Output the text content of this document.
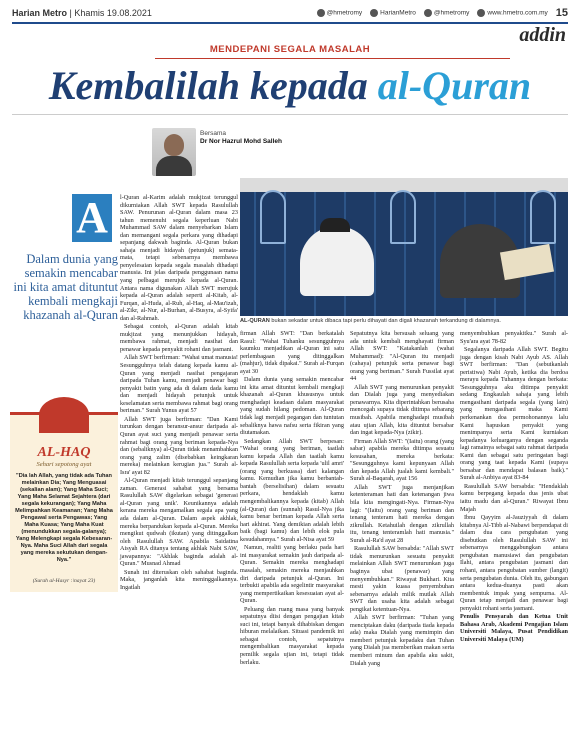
Harian Metro | Khamis 19.08.2021	@hmetromy	HarianMetro	@hmetromy	www.hmetro.com.my 15
addin
MENDEPANI SEGALA MASALAH
Kembalilah kepada al-Quran
Bersama
Dr Nor Hazrul Mohd Salleh
A
Dalam dunia yang semakin mencabar ini kita amat dituntut kembali mengkaji khazanah al-Quran
AL-HAQ
Sehari sepotong ayat
"Dia lah Allah, yang tidak ada Tuhan melainkan Dia; Yang Menguasai (sekalian alam); Yang Maha Suci; Yang Maha Selamat Sejahtera (dari segala kekurangan); Yang Maha Melimpahkan Keamanan; Yang Maha Pengawal serta Pengawas; Yang Maha Kuasa; Yang Maha Kuat (menundukkan segala-galanya); Yang Melengkapi segala Kebesaran-Nya. Maha Suci Allah dari segala yang mereka sekutukan dengan-Nya."
(Surah al-Hasyr :\nayat 23)

l-Quran al-Karim adalah mukjizat terunggul dikurniakan Allah SWT kepada Rasulullah SAW. Penurunan al-Quran dalam masa 23 tahun memenuhi segala keperluan Nabi Muhammad SAW dalam menyebarkan Islam dan memangani segala perkara yang dihadapi sepanjang dakwah baginda. Al-Quran bukan sahaja menjadi hidayah (petunjuk) semata-mata, tetapi sebenarnya membawa penyelesaian kepada segala masalah dihadapi manusia. Ini jelas daripada penggunaan nama yang pelbagai merujuk kepada al-Quran. Antara nama digunakan Allah SWT merujuk kepada al-Quran adalah seperti al-Kitab, al-Furqan, al-Huda, al-Ruh, al-Haq, al-Mau'izah, al-Zikr, al-Nur, al-Burhan, al-Busyra, al-Syifa' dan al-Rahmah.

Sebagai contoh, al-Quran adalah kitab mukjizat yang menunjukkan hidayah, membawa rahmat, menjadi nasihat dan penawar kepada penyakit rohani dan jasmani.

Allah SWT berfirman: "Wahai umat manusia! Sesungguhnya telah datang kepada kamu al-Quran yang menjadi nasihat pengajaran daripada Tuhan kamu, menjadi penawar bagi penyakit batin yang ada di dalam dada kamu dan menjadi hidayah petunjuk untuk keselamatan serta membawa rahmat bagi orang beriman." Surah Yunus ayat 57

Allah SWT juga berfirman: "Dan Kami turunkan dengan beransur-ansur daripada al-Quran ayat suci yang menjadi penawar serta rahmat bagi orang yang beriman kepada-Nya dan (sebaliknya) al-Quran tidak menambahkan orang yang zalim (disebabkan keingkaran mereka) melainkan kerugian jua." Surah al-Isra' ayat 82

Al-Quran menjadi kitab terunggul sepanjang zaman. Generasi sahabat yang bersama Rasulullah SAW digelarkan sebagai 'generasi al-Quran yang unik'. Keunikannya adalah kerana mereka mengamalkan segala apa yang ada dalam al-Quran. Dalam aspek akhlak, mereka berpandukan kepada al-Quran. Mereka mengikut qudwah (ikutan) yang ditinggalkan oleh Rasulullah SAW. Apabila Saidatina Aisyah RA ditanya tentang akhlak Nabi SAW, jawapannya: "Akhlak baginda adalah al-Quran." Musnad Ahmad

Sunah ini diteruskan oleh sahabat baginda. Maka, janganlah kita meninggalkannya. Ingatlah

AL-QURAN bukan sekadar untuk dibaca tapi perlu dihayati dan digali khazanah terkandung di dalamnya.

firman Allah SWT: "Dan berkatalah Rasul: "Wahai Tuhanku sesungguhnya kaumku menjadikan al-Quran ini satu perlembagaan yang ditinggalkan (mahjur), tidak dipakai." Surah al-Furqan ayat 30

Dalam dunia yang semakin mencabar ini kita amat dituntut kembali mengkaji khazanah al-Quran khususnya untuk menghadapi keadaan dalam masyarakat yang sudah hilang pedoman. Al-Quran tidak lagi menjadi pegangan dan tuntutan sebaliknya hawa nafsu serta fikiran yang diutamakan.

Sedangkan Allah SWT berpesan: "Wahai orang yang beriman, taatlah kamu kepada Allah dan taatlah kamu kepada Rasulullah serta kepada 'ulil amri' (orang yang berkuasa) dari kalangan kamu. Kemudian jika kamu berbantah-bantah (berselisihan) dalam sesuatu perkara, hendaklah kamu mengembalikannya kepada (kitab) Allah (al-Quran) dan (sunnah) Rasul-Nya jika kamu benar beriman kepada Allah serta hari akhirat. Yang demikian adalah lebih baik (bagi kamu) dan lebih elok pula kesudahannya." Surah al-Nisa ayat 59

Namun, realiti yang berlaku pada hari ini masyarakat semakin jauh daripada al-Quran. Semakin mereka menghadapi masalah, semakin mereka menjauhkan diri daripada petunjuk al-Quran. Ini terbukti apabila ada segelintir masyarakat yang mempertikaikan kesesuaian ayat al-Quran.

Peluang dan ruang masa yang banyak sepatutnya diisi dengan pengajian kitab suci ini, tetapi banyak dihabiskan dengan hiburan melalaikan. Situasi pandemik ini sebagai contoh, sepatutnya mengembalikan masyarakat kepada pemilik segala ujian ini, tetapi tidak berlaku.

Sepatutnya kita bersusah seluang yang ada untuk kembali menghayati firman Allah SWT: "Katakanlah (wahai Muhammad): "Al-Quran itu menjadi (cahaya) petunjuk serta penawar bagi orang yang beriman." Surah Fussilat ayat 44

Allah SWT yang menurunkan penyakit dan Dialah juga yang menyediakan penawarnya. Kita diperintahkan berusaha mencegah supaya tidak ditimpa sebarang musibah. Apabila menghadapi musibah atau ujian Allah, kita dituntut bersabar dan ingat kepada-Nya (zikir).

Firman Allah SWT: "(Iaitu) orang (yang sabar) apabila mereka ditimpa sesuatu kesusahan, mereka berkata: "Sesungguhnya kami kepunyaan Allah dan kepada Allah jualah kami kembali." Surah al-Baqarah, ayat 156

Allah SWT juga menjanjikan ketenteraman hati dan ketenangan jiwa bila kita mengingati-Nya. Firman-Nya lagi: "(Iaitu) orang yang beriman dan tenang tenteram hati mereka dengan zikrullah. Ketahuilah dengan zikrullah itu, tenang tenteramlah hati manusia." Surah al-Ra'd ayat 28

Rasulullah SAW bersabda: "Allah SWT tidak menurunkan sesuatu penyakit melainkan Allah SWT menurunkan juga baginya ubat (penawar) yang menyembuhkan." Riwayat Bukhari. Kita mesti yakin kuasa penyembuhan sebenarnya adalah milik mutlak Allah SWT dan usaha kita adalah sebagai pengikat ketentuan-Nya.

Allah SWT berfirman: "Tuhan yang menciptakan daku (daripada tiada kepada ada) maka Dialah yang memimpin dan memberi petunjuk kepadaku dan Tuhan yang Dialah jua memberikan makan serta memberi minum dan apabila aku sakit, Dialah yang

menyembuhkan penyakitku." Surah al-Syu'ara ayat 78-82

Segalanya daripada Allah SWT. Begitu juga dengan kisah Nabi Ayub AS. Allah SWT berfirman: "Dan (sebutkanlah peristiwa) Nabi Ayub, ketika dia berdoa merayu kepada Tuhannya dengan berkata: 'Sesungguhnya aku ditimpa penyakit sedang Engkaulah sahaja yang lebih mengasihani daripada segala (yang lain) yang mengasihani maka Kami perkenankan doa permohonannya lalu Kami hapuskan penyakit yang menimpanya serta Kami kurniakan kepadanya keluarganya dengan seganda lagi ramainya sebagai satu rahmat daripada Kami dan sebagai satu peringatan bagi orang yang taat kepada Kami (supaya bersabar dan mendapat balasan baik)." Surah al-Anbiya ayat 83-84

Rasulullah SAW bersabda: "Hendaklah kamu berpegang kepada dua jenis ubat iaitu madu dan al-Quran." Riwayat Ibnu Majah

Ibnu Qayyim al-Jauziyyah di dalam kitabnya Al-Tibb al-Nabawi berpendapat di dalam dua cara pengubatan yang disebutkan oleh Rasulullah SAW ini sebenarnya menggabungkan antara pengubatan manusiawi dan pengubatan Ilahi, antara pengubatan jasmani dan rohani, antara pengubatan sumber (langit) serta pengubatan dunia. Oleh itu, gabungan antara kedua-duanya pasti akan membentuk impak yang sempurna. Al-Quran tetap menjadi dan penawar bagi penyakit rohani serta jasmani.

Penulis Pensyarah dan Ketua Unit Bahasa Arab, Akademi Pengajian Islam Universiti Malaya, Pusat Pendidikan Universiti Malaya (UM)
